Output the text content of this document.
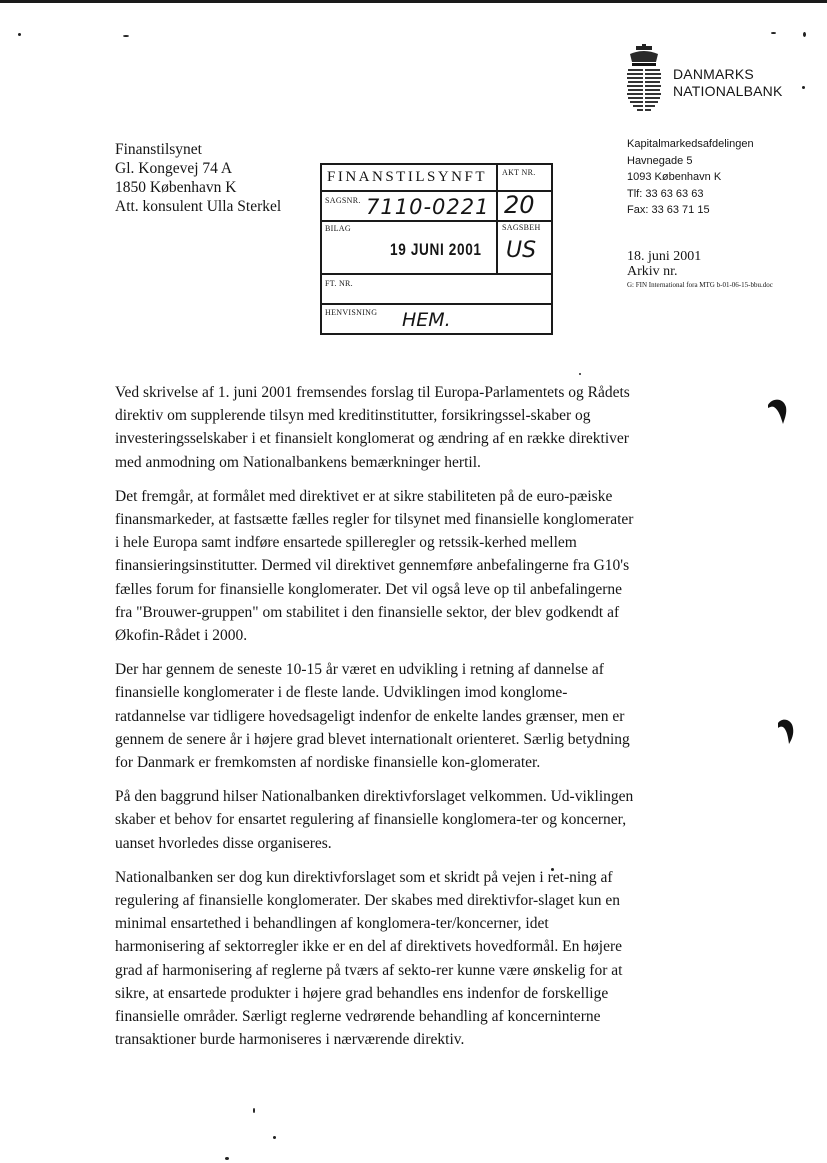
DANMARKS
NATIONALBANK
Finanstilsynet
Gl. Kongevej 74 A
1850 København K
Att. konsulent Ulla Sterkel
Kapitalmarkedsafdelingen
Havnegade 5
1093 København K
Tlf: 33 63 63 63
Fax: 33 63 71 15
18. juni 2001
Arkiv nr.
G: FIN International fora MTG b-01-06-15-bbu.doc
FINANSTILSYNFT AKT NR.
SAGSNR. 7110-0221 20
BILAG
19 JUNI 2001
SAGSBEH
US
FT. NR.
HENVISNING HEM.

Ved skrivelse af 1. juni 2001 fremsendes forslag til Europa-Parlamentets og Rådets direktiv om supplerende tilsyn med kreditinstitutter, forsikringssel-skaber og investeringsselskaber i et finansielt konglomerat og ændring af en række direktiver med anmodning om Nationalbankens bemærkninger hertil.

Det fremgår, at formålet med direktivet er at sikre stabiliteten på de euro-pæiske finansmarkeder, at fastsætte fælles regler for tilsynet med finansielle konglomerater i hele Europa samt indføre ensartede spilleregler og retssik-kerhed mellem finansieringsinstitutter. Dermed vil direktivet gennemføre anbefalingerne fra G10's fælles forum for finansielle konglomerater. Det vil også leve op til anbefalingerne fra "Brouwer-gruppen" om stabilitet i den finansielle sektor, der blev godkendt af Økofin-Rådet i 2000.

Der har gennem de seneste 10-15 år været en udvikling i retning af dannelse af finansielle konglomerater i de fleste lande. Udviklingen imod konglome-ratdannelse var tidligere hovedsageligt indenfor de enkelte landes grænser, men er gennem de senere år i højere grad blevet internationalt orienteret. Særlig betydning for Danmark er fremkomsten af nordiske finansielle kon-glomerater.

På den baggrund hilser Nationalbanken direktivforslaget velkommen. Ud-viklingen skaber et behov for ensartet regulering af finansielle konglomera-ter og koncerner, uanset hvorledes disse organiseres.

Nationalbanken ser dog kun direktivforslaget som et skridt på vejen i ret-ning af regulering af finansielle konglomerater. Der skabes med direktivfor-slaget kun en minimal ensartethed i behandlingen af konglomera-ter/koncerner, idet harmonisering af sektorregler ikke er en del af direktivets hovedformål. En højere grad af harmonisering af reglerne på tværs af sekto-rer kunne være ønskelig for at sikre, at ensartede produkter i højere grad behandles ens indenfor de forskellige finansielle områder. Særligt reglerne vedrørende behandling af koncerninterne transaktioner burde harmoniseres i nærværende direktiv.
